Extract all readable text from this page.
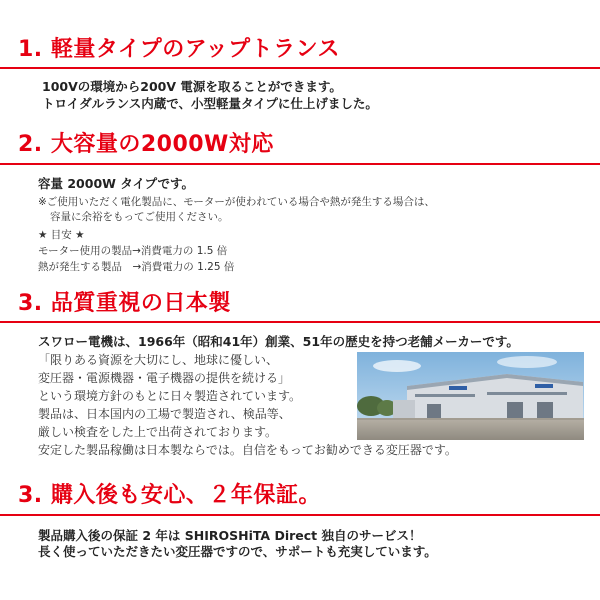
1. 軽量タイプのアップトランス
100Vの環境から200V 電源を取ることができます。
トロイダルランス内蔵で、小型軽量タイプに仕上げました。
2. 大容量の2000W対応
容量 2000W タイプです。
※ご使用いただく電化製品に、モーターが使われている場合や熱が発生する場合は、
容量に余裕をもってご使用ください。
★ 目安 ★
モーター使用の製品→消費電力の 1.5 倍
熱が発生する製品　→消費電力の 1.25 倍
3. 品質重視の日本製
スワロー電機は、1966年（昭和41年）創業、51年の歴史を持つ老舗メーカーです。
「限りある資源を大切にし、地球に優しい、
変圧器・電源機器・電子機器の提供を続ける」
という環境方針のもとに日々製造されています。
製品は、日本国内の工場で製造され、検品等、
厳しい検査をした上で出荷されております。
安定した製品稼働は日本製ならでは。自信をもってお勧めできる変圧器です。
3. 購入後も安心、２年保証。
製品購入後の保証 2 年は SHIROSHiTA Direct 独自のサービス！
長く使っていただきたい変圧器ですので、サポートも充実しています。
